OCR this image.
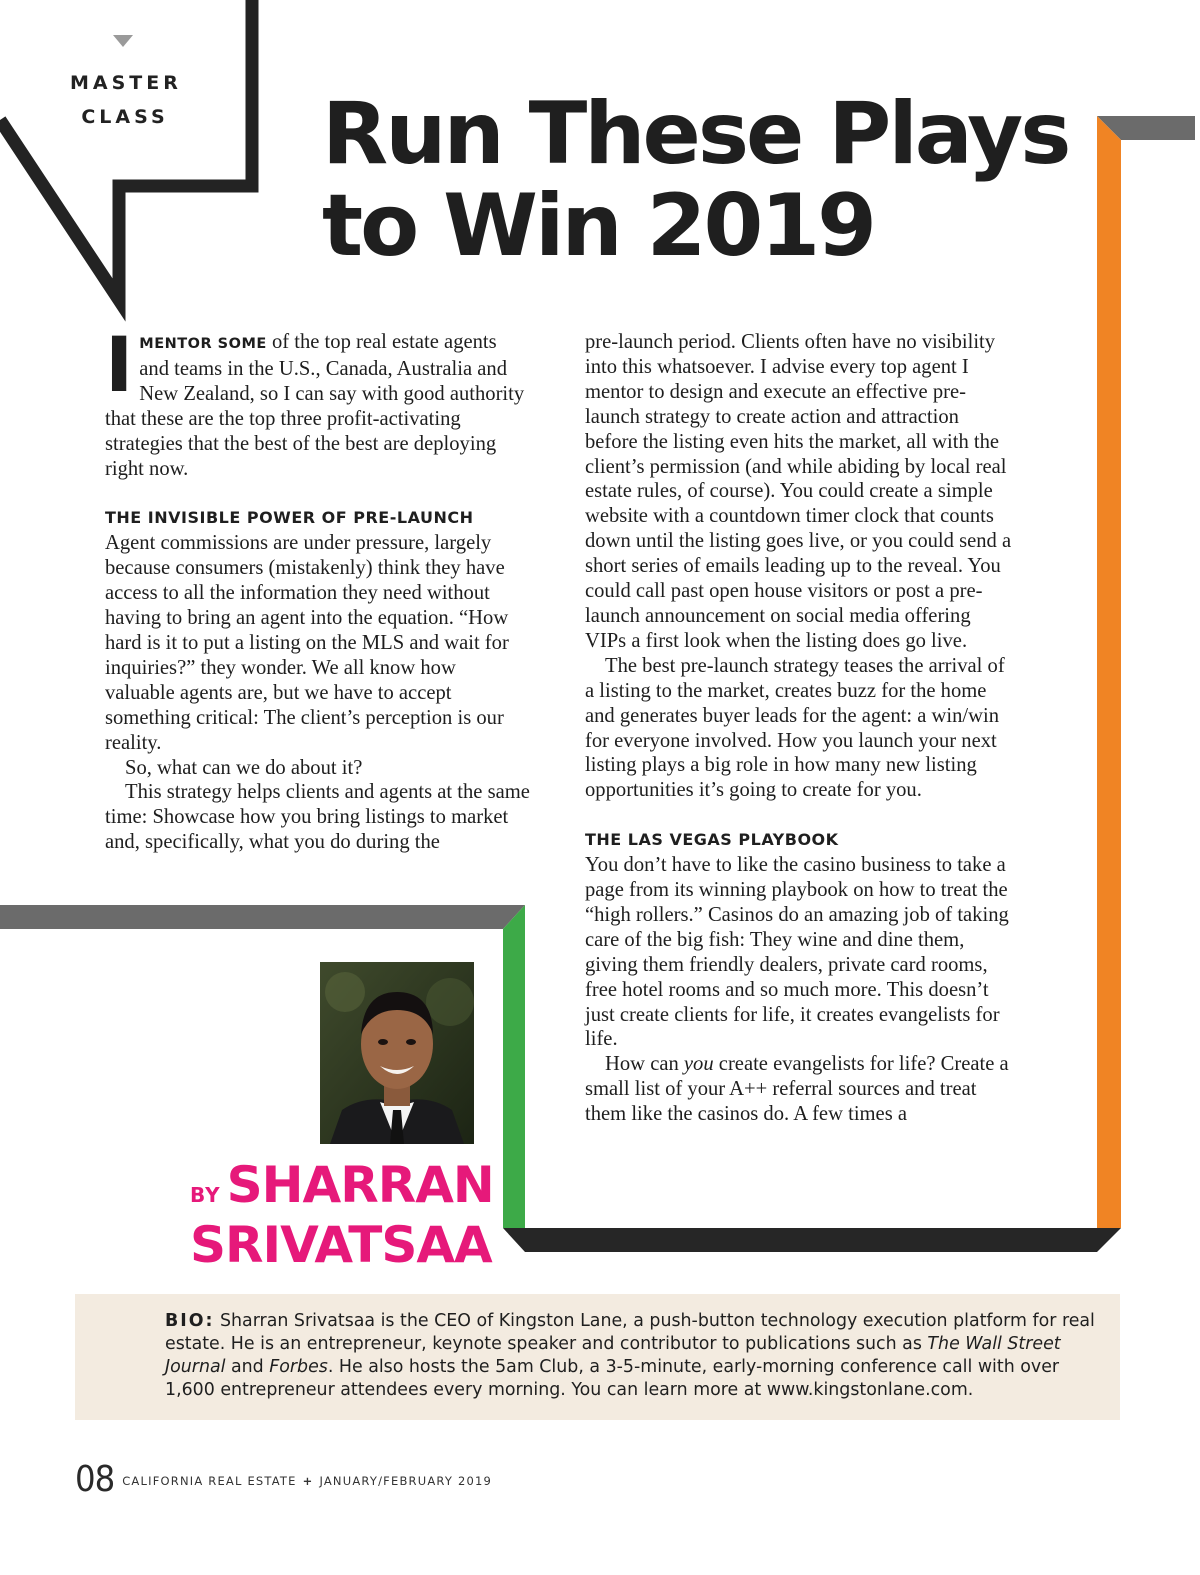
MASTER
CLASS Run These Plays
to Win 2019

IMENTOR SOME of the top real estate agents and teams in the U.S., Canada, Australia and New Zealand, so I can say with good authority that these are the top three profit-activating strategies that the best of the best are deploying right now.

THE INVISIBLE POWER OF PRE-LAUNCH

Agent commissions are under pressure, largely because consumers (mistakenly) think they have access to all the information they need without having to bring an agent into the equation. “How hard is it to put a listing on the MLS and wait for inquiries?” they wonder. We all know how valuable agents are, but we have to accept something critical: The client’s perception is our reality.

So, what can we do about it?

This strategy helps clients and agents at the same time: Showcase how you bring listings to market and, specifically, what you do during the

pre-launch period. Clients often have no visibility into this whatsoever. I advise every top agent I mentor to design and execute an effective pre-launch strategy to create action and attraction before the listing even hits the market, all with the client’s permission (and while abiding by local real estate rules, of course). You could create a simple website with a countdown timer clock that counts down until the listing goes live, or you could send a short series of emails leading up to the reveal. You could call past open house visitors or post a pre-launch announcement on social media offering VIPs a first look when the listing does go live.

The best pre-launch strategy teases the arrival of a listing to the market, creates buzz for the home and generates buyer leads for the agent: a win/win for everyone involved. How you launch your next listing plays a big role in how many new listing opportunities it’s going to create for you.

THE LAS VEGAS PLAYBOOK

You don’t have to like the casino business to take a page from its winning playbook on how to treat the “high rollers.” Casinos do an amazing job of taking care of the big fish: They wine and dine them, giving them friendly dealers, private card rooms, free hotel rooms and so much more. This doesn’t just create clients for life, it creates evangelists for life.

How can you create evangelists for life? Create a small list of your A++ referral sources and treat them like the casinos do. A few times a

BY SHARRAN
SRIVATSAA
BIO: Sharran Srivatsaa is the CEO of Kingston Lane, a push-button technology execution platform for real estate. He is an entrepreneur, keynote speaker and contributor to publications such as The Wall Street Journal and Forbes. He also hosts the 5am Club, a 3-5-minute, early-morning conference call with over 1,600 entrepreneur attendees every morning. You can learn more at www.kingstonlane.com.
08 $^{CALIFORNIA REAL ESTATE}$ + $^{JANUARY/FEBRUARY 2019}$
